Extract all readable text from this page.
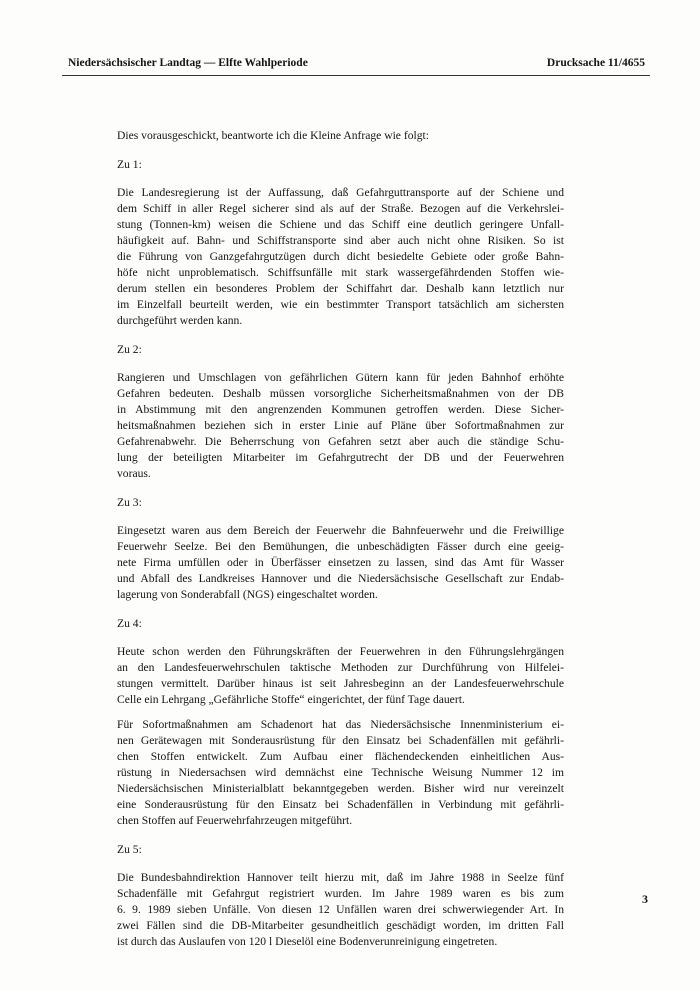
Niedersächsischer Landtag — Elfte Wahlperiode	Drucksache 11/4655

Dies vorausgeschickt, beantworte ich die Kleine Anfrage wie folgt:

Zu 1:

Die Landesregierung ist der Auffassung, daß Gefahrguttransporte auf der Schiene und
dem Schiff in aller Regel sicherer sind als auf der Straße. Bezogen auf die Verkehrslei-
stung (Tonnen-km) weisen die Schiene und das Schiff eine deutlich geringere Unfall-
häufigkeit auf. Bahn- und Schiffstransporte sind aber auch nicht ohne Risiken. So ist
die Führung von Ganzgefahrgutzügen durch dicht besiedelte Gebiete oder große Bahn-
höfe nicht unproblematisch. Schiffsunfälle mit stark wassergefährdenden Stoffen wie-
derum stellen ein besonderes Problem der Schiffahrt dar. Deshalb kann letztlich nur
im Einzelfall beurteilt werden, wie ein bestimmter Transport tatsächlich am sichersten
durchgeführt werden kann.

Zu 2:

Rangieren und Umschlagen von gefährlichen Gütern kann für jeden Bahnhof erhöhte
Gefahren bedeuten. Deshalb müssen vorsorgliche Sicherheitsmaßnahmen von der DB
in Abstimmung mit den angrenzenden Kommunen getroffen werden. Diese Sicher-
heitsmaßnahmen beziehen sich in erster Linie auf Pläne über Sofortmaßnahmen zur
Gefahrenabwehr. Die Beherrschung von Gefahren setzt aber auch die ständige Schu-
lung der beteiligten Mitarbeiter im Gefahrgutrecht der DB und der Feuerwehren
voraus.

Zu 3:

Eingesetzt waren aus dem Bereich der Feuerwehr die Bahnfeuerwehr und die Freiwillige
Feuerwehr Seelze. Bei den Bemühungen, die unbeschädigten Fässer durch eine geeig-
nete Firma umfüllen oder in Überfässer einsetzen zu lassen, sind das Amt für Wasser
und Abfall des Landkreises Hannover und die Niedersächsische Gesellschaft zur Endab-
lagerung von Sonderabfall (NGS) eingeschaltet worden.

Zu 4:

Heute schon werden den Führungskräften der Feuerwehren in den Führungslehrgängen
an den Landesfeuerwehrschulen taktische Methoden zur Durchführung von Hilfelei-
stungen vermittelt. Darüber hinaus ist seit Jahresbeginn an der Landesfeuerwehrschule
Celle ein Lehrgang „Gefährliche Stoffe“ eingerichtet, der fünf Tage dauert.

Für Sofortmaßnahmen am Schadenort hat das Niedersächsische Innenministerium ei-
nen Gerätewagen mit Sonderausrüstung für den Einsatz bei Schadenfällen mit gefährli-
chen Stoffen entwickelt. Zum Aufbau einer flächendeckenden einheitlichen Aus-
rüstung in Niedersachsen wird demnächst eine Technische Weisung Nummer 12 im
Niedersächsischen Ministerialblatt bekanntgegeben werden. Bisher wird nur vereinzelt
eine Sonderausrüstung für den Einsatz bei Schadenfällen in Verbindung mit gefährli-
chen Stoffen auf Feuerwehrfahrzeugen mitgeführt.

Zu 5:

Die Bundesbahndirektion Hannover teilt hierzu mit, daß im Jahre 1988 in Seelze fünf
Schadenfälle mit Gefahrgut registriert wurden. Im Jahre 1989 waren es bis zum
6. 9. 1989 sieben Unfälle. Von diesen 12 Unfällen waren drei schwerwiegender Art. In
zwei Fällen sind die DB-Mitarbeiter gesundheitlich geschädigt worden, im dritten Fall
ist durch das Auslaufen von 120 l Dieselöl eine Bodenverunreinigung eingetreten.

3
